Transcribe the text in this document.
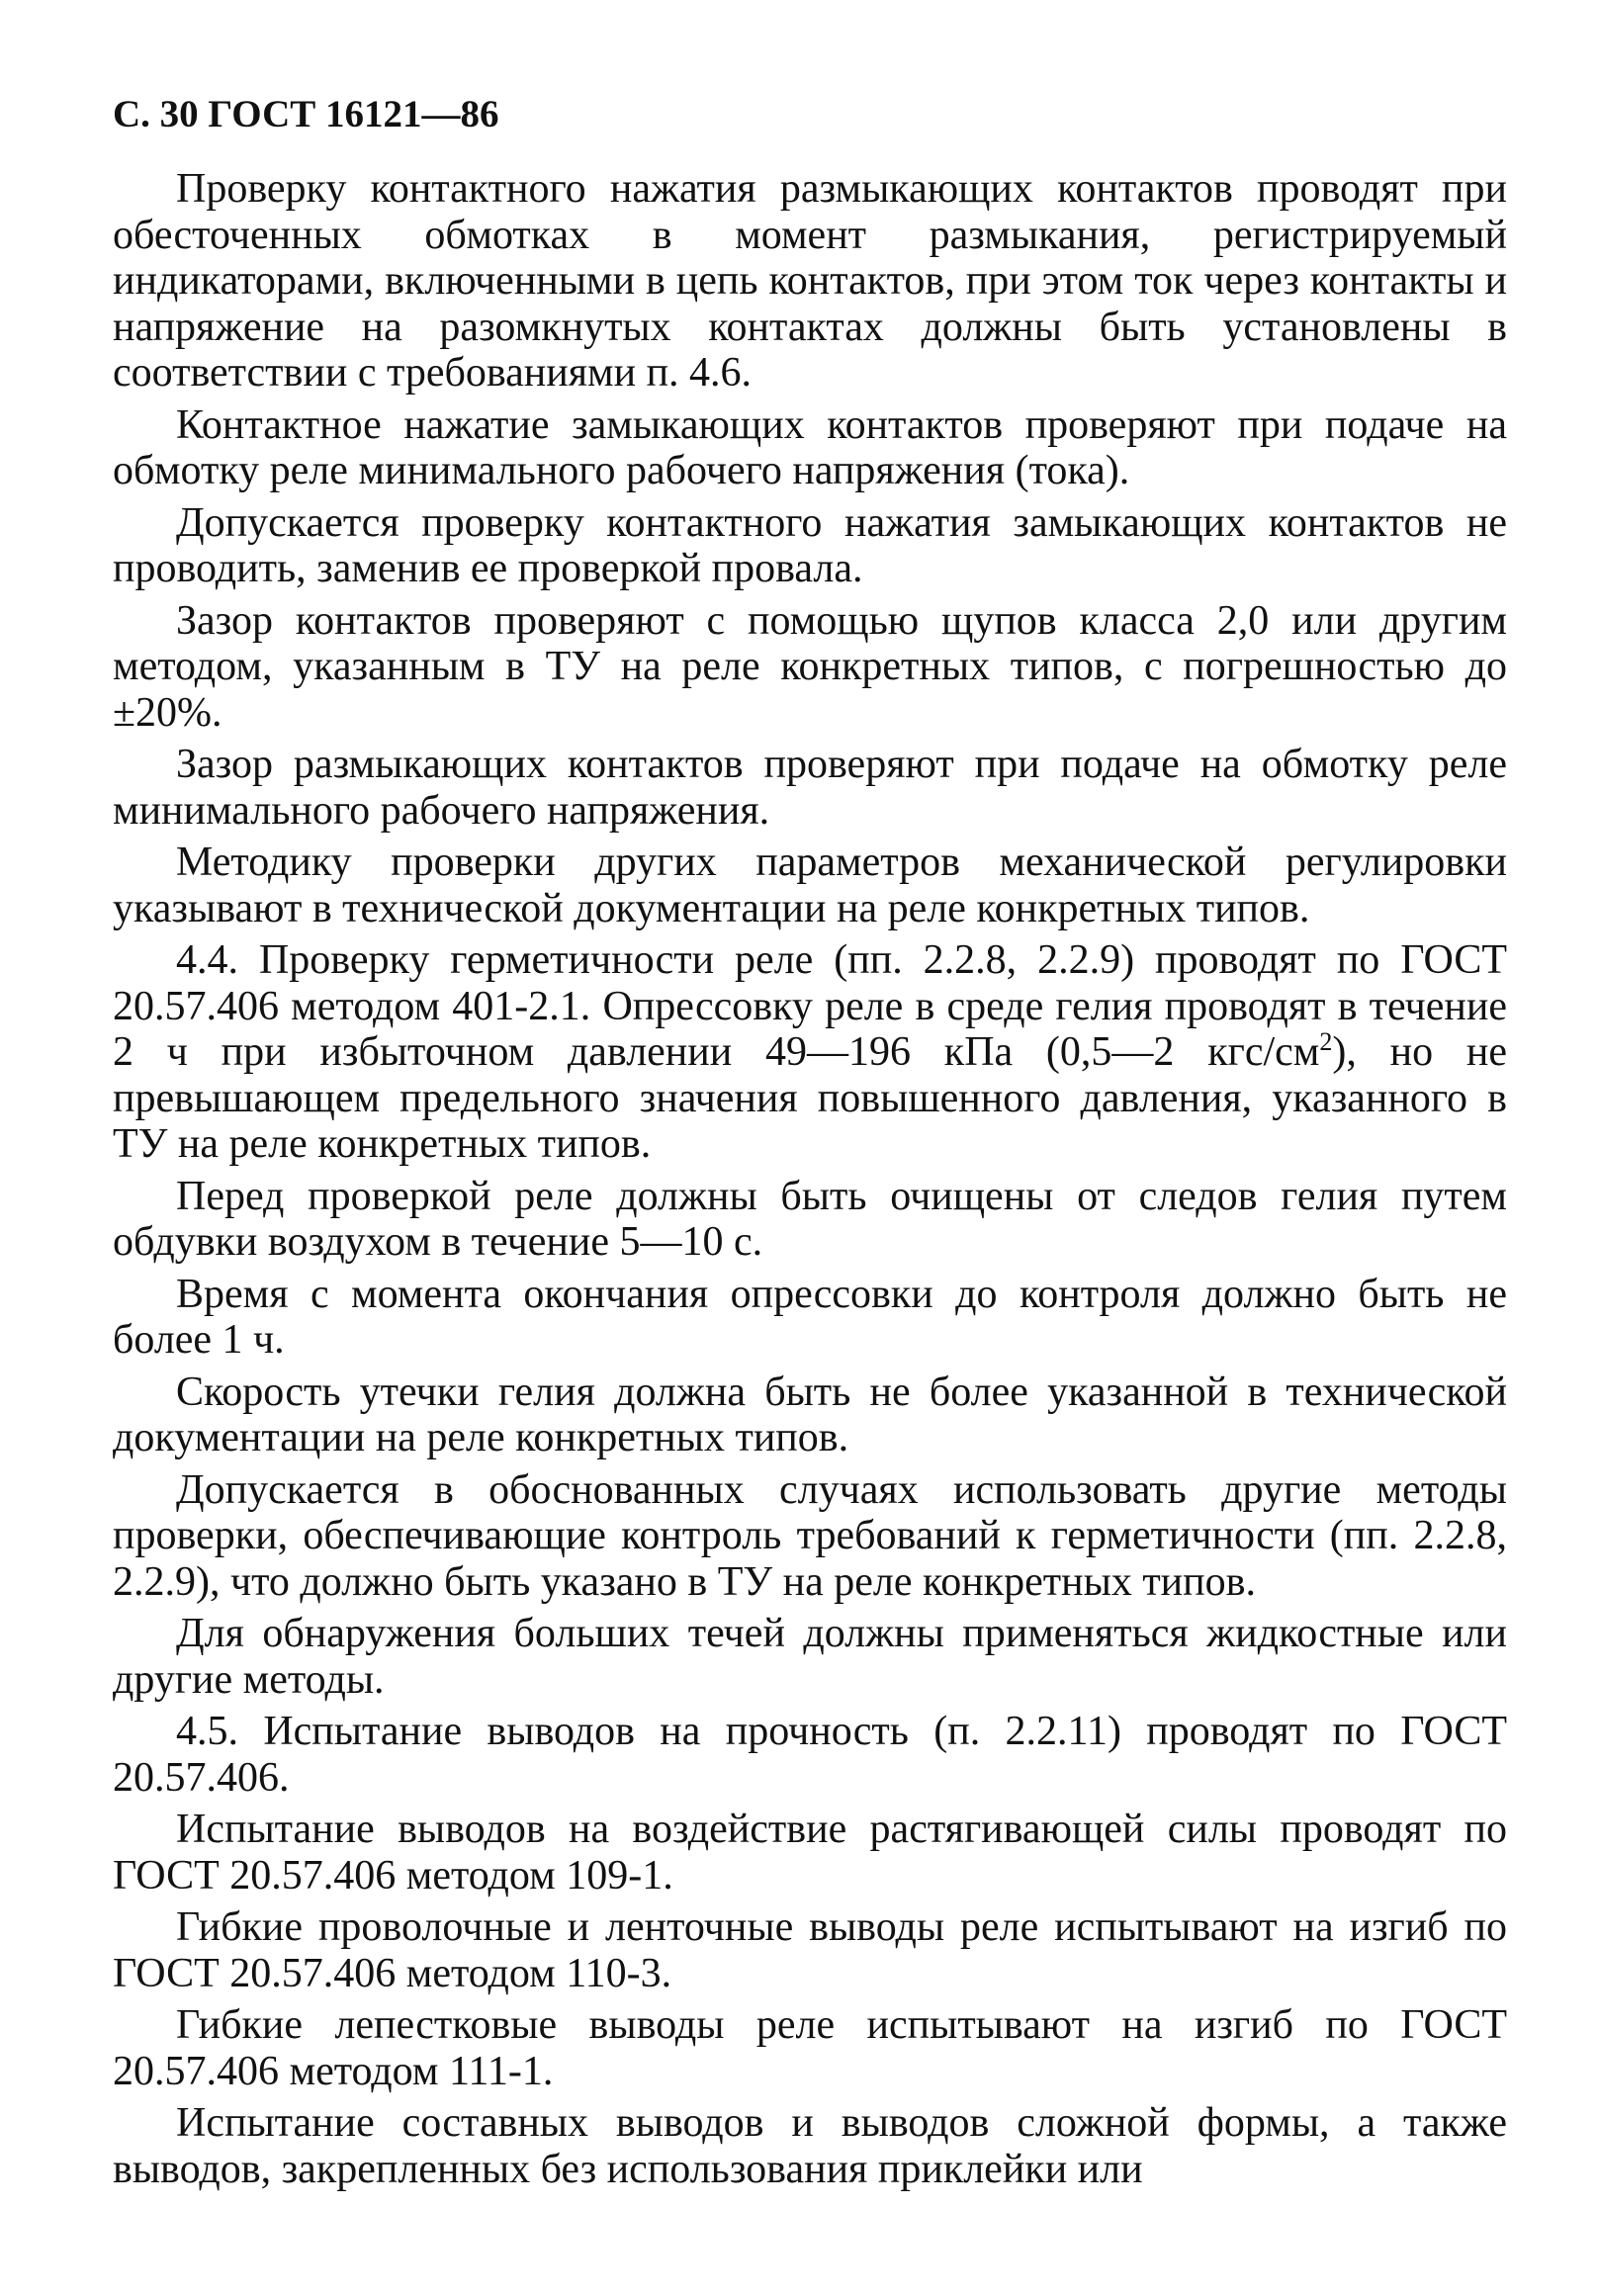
С. 30 ГОСТ 16121—86

Проверку контактного нажатия размыкающих контактов проводят при обесточенных обмотках в момент размыкания, регистрируемый индикаторами, включенными в цепь контактов, при этом ток через контакты и напряжение на разомкнутых контактах должны быть установлены в соответствии с требованиями п. 4.6.

Контактное нажатие замыкающих контактов проверяют при подаче на обмотку реле минимального рабочего напряжения (тока).

Допускается проверку контактного нажатия замыкающих контактов не проводить, заменив ее проверкой провала.

Зазор контактов проверяют с помощью щупов класса 2,0 или другим методом, указанным в ТУ на реле конкретных типов, с погрешностью до ±20%.

Зазор размыкающих контактов проверяют при подаче на обмотку реле минимального рабочего напряжения.

Методику проверки других параметров механической регулировки указывают в технической документации на реле конкретных типов.

4.4. Проверку герметичности реле (пп. 2.2.8, 2.2.9) проводят по ГОСТ 20.57.406 методом 401-2.1. Опрессовку реле в среде гелия проводят в течение 2 ч при избыточном давлении 49—196 кПа (0,5—2 кгс/$см^2$), но не превышающем предельного значения повышенного давления, указанного в ТУ на реле конкретных типов.

Перед проверкой реле должны быть очищены от следов гелия путем обдувки воздухом в течение 5—10 с.

Время с момента окончания опрессовки до контроля должно быть не более 1 ч.

Скорость утечки гелия должна быть не более указанной в технической документации на реле конкретных типов.

Допускается в обоснованных случаях использовать другие методы проверки, обеспечивающие контроль требований к герметичности (пп. 2.2.8, 2.2.9), что должно быть указано в ТУ на реле конкретных типов.

Для обнаружения больших течей должны применяться жидкостные или другие методы.

4.5. Испытание выводов на прочность (п. 2.2.11) проводят по ГОСТ 20.57.406.

Испытание выводов на воздействие растягивающей силы проводят по ГОСТ 20.57.406 методом 109-1.

Гибкие проволочные и ленточные выводы реле испытывают на изгиб по ГОСТ 20.57.406 методом 110-3.

Гибкие лепестковые выводы реле испытывают на изгиб по ГОСТ 20.57.406 методом 111-1.

Испытание составных выводов и выводов сложной формы, а также выводов, закрепленных без использования приклейки или
